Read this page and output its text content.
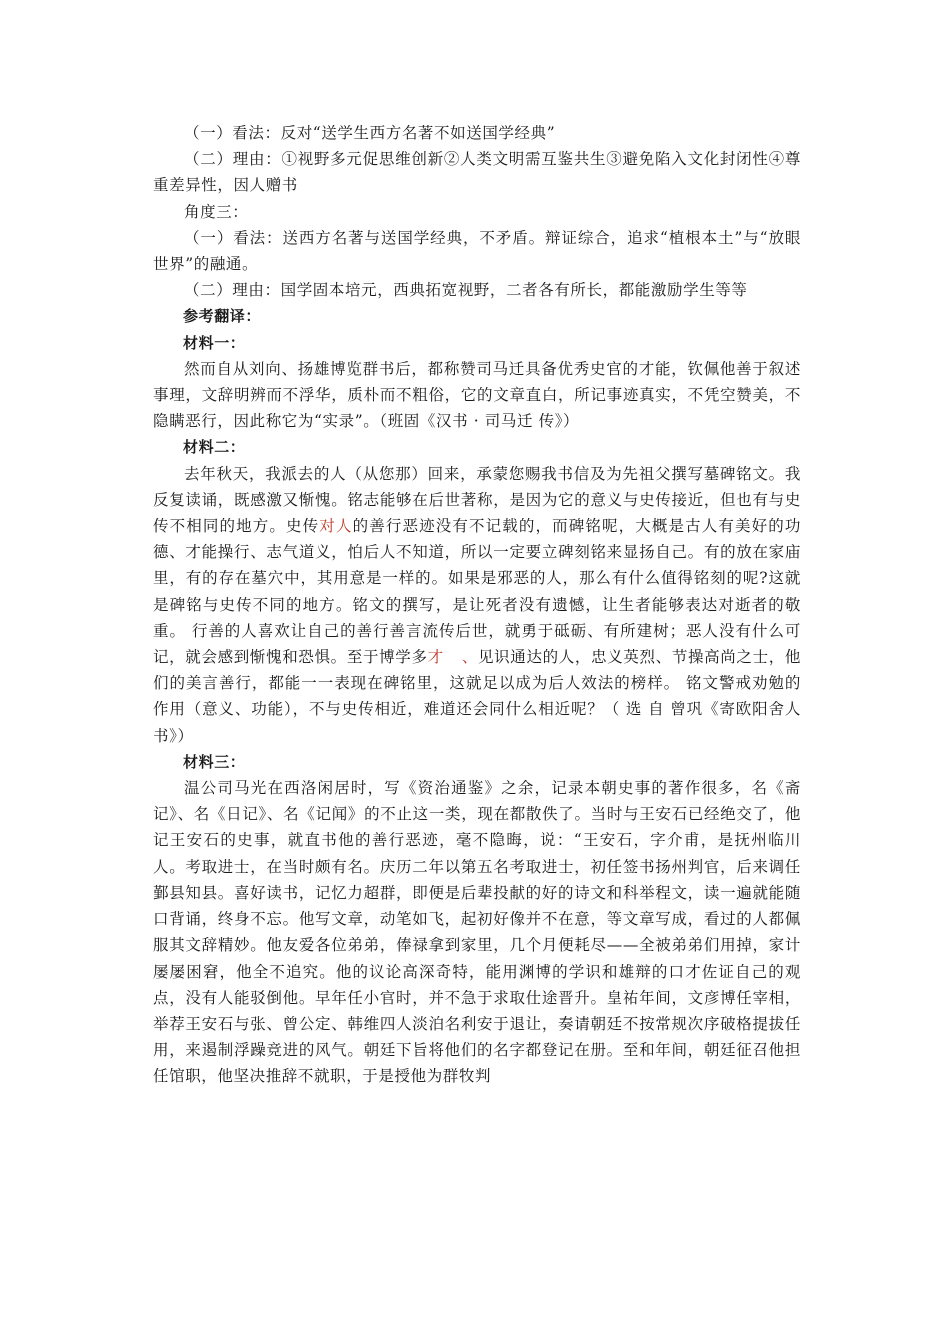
（一）看法：反对“送学生西方名著不如送国学经典”

（二）理由：①视野多元促思维创新②人类文明需互鉴共生③避免陷入文化封闭性④尊重差异性，因人赠书

角度三：

（一）看法：送西方名著与送国学经典，不矛盾。辩证综合，追求“植根本土”与“放眼世界”的融通。

（二）理由：国学固本培元，西典拓宽视野，二者各有所长，都能激励学生等等

参考翻译：
材料一：

然而自从刘向、扬雄博览群书后，都称赞司马迁具备优秀史官的才能，钦佩他善于叙述事理，文辞明辨而不浮华，质朴而不粗俗，它的文章直白，所记事迹真实，不凭空赞美，不隐瞒恶行，因此称它为“实录”。（班固《汉书 · 司马迁 传》）

材料二：

去年秋天，我派去的人（从您那）回来，承蒙您赐我书信及为先祖父撰写墓碑铭文。我反复读诵，既感激又惭愧。铭志能够在后世著称，是因为它的意义与史传接近，但也有与史传不相同的地方。史传对人的善行恶迹没有不记载的，而碑铭呢，大概是古人有美好的功德、才能操行、志气道义，怕后人不知道，所以一定要立碑刻铭来显扬自己。有的放在家庙里，有的存在墓穴中，其用意是一样的。如果是邪恶的人，那么有什么值得铭刻的呢?这就是碑铭与史传不同的地方。铭文的撰写，是让死者没有遗憾，让生者能够表达对逝者的敬重。 行善的人喜欢让自己的善行善言流传后世，就勇于砥砺、有所建树；恶人没有什么可记，就会感到惭愧和恐惧。至于博学多才 、见识通达的人，忠义英烈、节操高尚之士，他们的美言善行，都能一一表现在碑铭里，这就足以成为后人效法的榜样。 铭文警戒劝勉的作用（意义、功能），不与史传相近，难道还会同什么相近呢？（ 选 自 曾巩《寄欧阳舍人书》）

材料三：

温公司马光在西洛闲居时，写《资治通鉴》之余，记录本朝史事的著作很多，名《斋记》、名《日记》、名《记闻》的不止这一类，现在都散佚了。当时与王安石已经绝交了，他记王安石的史事，就直书他的善行恶迹，毫不隐晦，说：“王安石，字介甫，是抚州临川人。考取进士，在当时颇有名。庆历二年以第五名考取进士，初任签书扬州判官，后来调任鄞县知县。喜好读书，记忆力超群，即便是后辈投献的好的诗文和科举程文，读一遍就能随口背诵，终身不忘。他写文章，动笔如飞，起初好像并不在意，等文章写成，看过的人都佩服其文辞精妙。他友爱各位弟弟，俸禄拿到家里，几个月便耗尽——全被弟弟们用掉，家计屡屡困窘，他全不追究。他的议论高深奇特，能用渊博的学识和雄辩的口才佐证自己的观点，没有人能驳倒他。早年任小官时，并不急于求取仕途晋升。皇祐年间，文彦博任宰相，举荐王安石与张、曾公定、韩维四人淡泊名利安于退让，奏请朝廷不按常规次序破格提拔任用，来遏制浮躁竞进的风气。朝廷下旨将他们的名字都登记在册。至和年间，朝廷征召他担任馆职，他坚决推辞不就职，于是授他为群牧判
